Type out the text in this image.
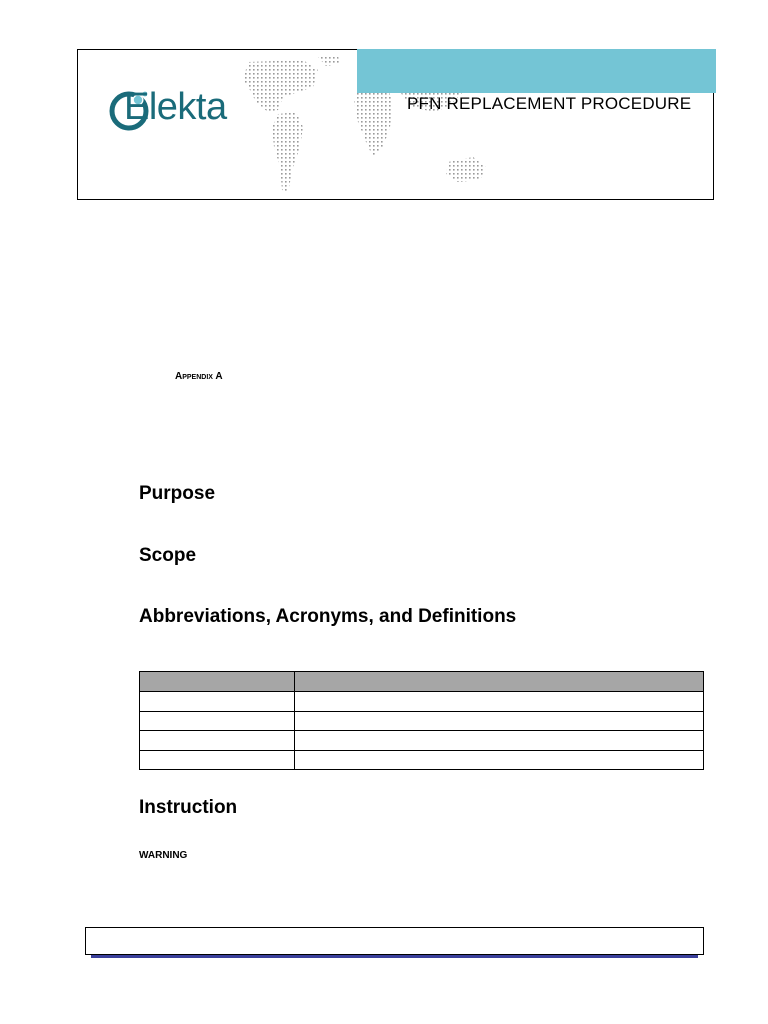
Elekta	PFN REPLACEMENT PROCEDURE
Appendix A
Purpose
Scope
Abbreviations, Acronyms, and Definitions

Instruction
WARNING
